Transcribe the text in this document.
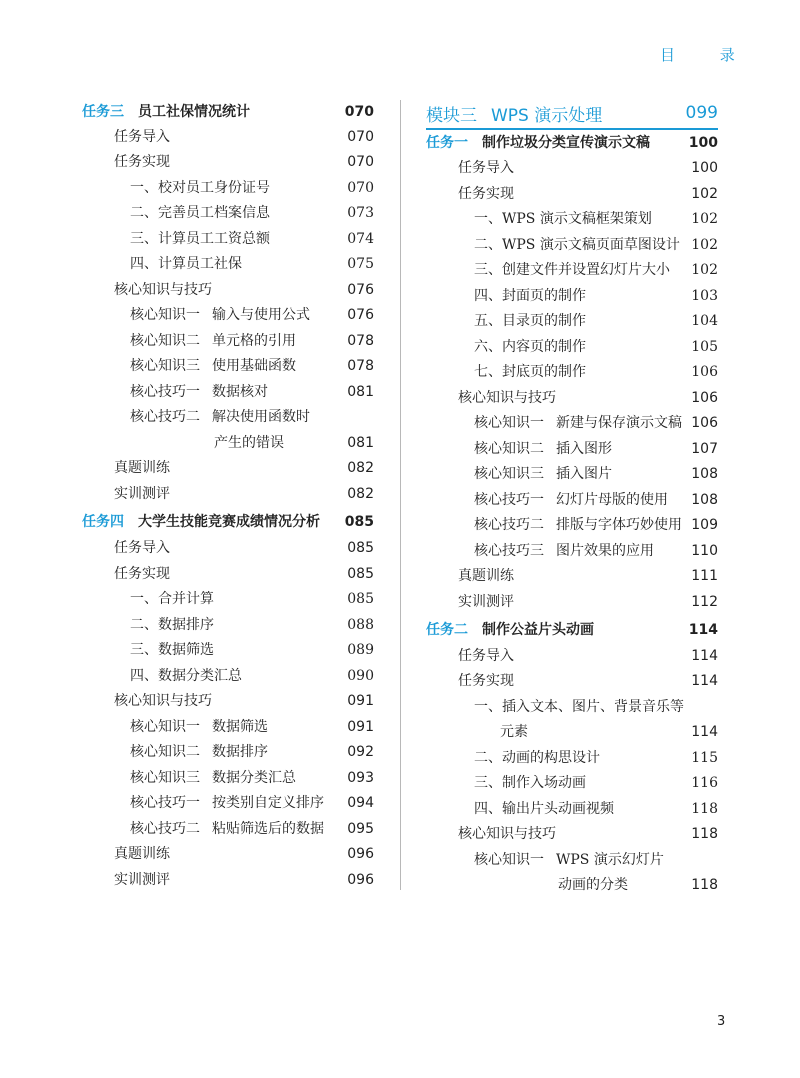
目 录
任务三 员工社保情况统计	070
任务导入	070
任务实现	070
一、校对员工身份证号	070
二、完善员工档案信息	073
三、计算员工工资总额	074
四、计算员工社保	075
核心知识与技巧	076
核心知识一 输入与使用公式	076
核心知识二 单元格的引用	078
核心知识三 使用基础函数	078
核心技巧一 数据核对	081
核心技巧二 解决使用函数时
产生的错误	081
真题训练	082
实训测评	082
任务四 大学生技能竞赛成绩情况分析	085
任务导入	085
任务实现	085
一、合并计算	085
二、数据排序	088
三、数据筛选	089
四、数据分类汇总	090
核心知识与技巧	091
核心知识一 数据筛选	091
核心知识二 数据排序	092
核心知识三 数据分类汇总	093
核心技巧一 按类别自定义排序	094
核心技巧二 粘贴筛选后的数据	095
真题训练	096
实训测评	096
模块三 WPS 演示处理	099
任务一 制作垃圾分类宣传演示文稿	100
任务导入	100
任务实现	102
一、WPS 演示文稿框架策划	102
二、WPS 演示文稿页面草图设计 102
三、创建文件并设置幻灯片大小	102
四、封面页的制作	103
五、目录页的制作	104
六、内容页的制作	105
七、封底页的制作	106
核心知识与技巧	106
核心知识一 新建与保存演示文稿 106
核心知识二 插入图形	107
核心知识三 插入图片	108
核心技巧一 幻灯片母版的使用	108
核心技巧二 排版与字体巧妙使用 109
核心技巧三 图片效果的应用	110
真题训练	111
实训测评	112
任务二 制作公益片头动画	114
任务导入	114
任务实现	114
一、插入文本、图片、背景音乐等
元素	114
二、动画的构思设计	115
三、制作入场动画	116
四、输出片头动画视频	118
核心知识与技巧	118
核心知识一 WPS 演示幻灯片
动画的分类	118
3
